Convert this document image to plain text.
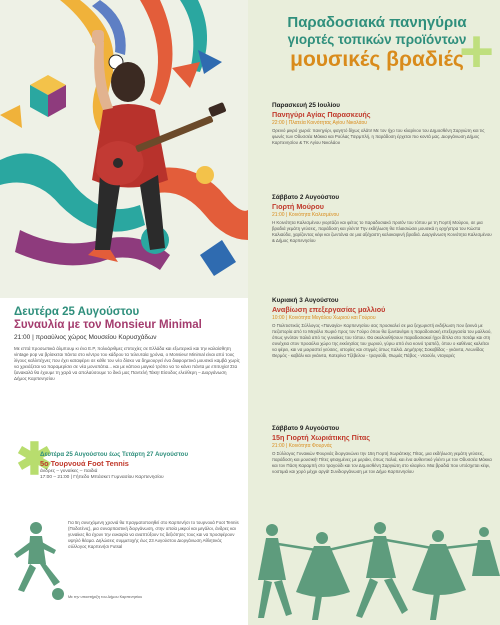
Παραδοσιακά πανηγύρια
γιορτές τοπικών προϊόντων
μουσικές βραδιές
+
Παρασκευή 25 Ιουλίου
Πανηγύρι Αγίας Παρασκευής
22:00 | Πλατεία Κοινότητας Αγίου Νικολάου
Ορεινό μικρό χωριό: πανηγύρι, φαγητό δίχως αλάτι! Με τον ήχο του κλαρίνου του Δημοσθένη Σαργιώτη και τις φωνές των Οδυσσέα Μάκκα και Ρούλας Τσιρμπλή, η παράδοση έρχεται πιο κοντά μας. Διοργάνωση Δήμος Καρπενησίου & ΤΚ Αγίου Νικολάου
Σάββατο 2 Αυγούστου
Γιορτή Μούρου
21:00 | Κοινότητα Καλεσμένου
Η Κοινότητα Καλεσμένου γιορτάζει και φέτος το παραδοσιακό προϊόν του τόπου με τη Γιορτή Μούρου, σε μια βραδιά γεμάτη γεύσεις, παράδοση και γλέντι! Την εκδήλωση θα πλαισιώσει μουσικά η ορχήστρα του Κώστα Καλιαύδα, χαρίζοντας κέφι και ζωντάνια σε μια αξέχαστη καλοκαιρινή βραδιά. Διοργάνωση Κοινότητα Καλεσμένου & Δήμος Καρπενησίου
Κυριακή 3 Αυγούστου
Αναβίωση επεξεργασίας μαλλιού
10:00 | Κοινότητα Μεγάλου Χωριού και Γούρου
Ο Πολιτιστικός Σύλλογος «Παναγία» Καρπενησίου σας προσκαλεί σε μια ξεχωριστή εκδήλωση που ξεκινά με πεζοπορία από το Μεγάλο Χωριό προς τον Γούρο όπου θα ζωντανέψει η παραδοσιακή επεξεργασία του μαλλιού, όπως γινόταν παλιά από τις γυναίκες του τόπου. Θα ακολουθήσουν παραδοσιακοί ήχοι δίπλα στο ποτάμι και στη συνέχεια στον προαύλιο χώρο της εκκλησίας του χωριού, γύρω από ένα κοινό τραπέζι, όπου ο καθένας καλείται να φέρει, και να μοιραστεί γεύσεις, ιστορίες και στιγμές όπως παλιά. Δημήτρης Σακαβίδας - γκάιντα, Λεωνίδας Θερμός - καβάλι και γκάιντα, Κατερίνα Τζέβελου - τραγούδι, Θωμάς Πάβος - νταούλι, νταγαρές
Σάββατο 9 Αυγούστου
15η Γιορτή Χωριάτικης Πίτας
21:00 | Κοινότητα Φουρνάς
Ο Σύλλογος Γυναικών Φουρνάς διοργανώνει την 15η Γιορτή Χωριάτικης Πίτας, μια εκδήλωση γεμάτη γεύσεις, παράδοση και μουσική! Πίτες φτιαγμένες με μεράκι, όπως παλιά, και ένα αυθεντικό γλέντι με τον Οδυσσέα Μάκκα και τον Πάση Καραμπή στο τραγούδι και τον Δημοσθένη Σαργιώτη στο κλαρίνο. Μια βραδιά που υπόσχεται κέφι, νοστιμιά και χορό μέχρι αργά! Συνδιοργάνωση με τον Δήμο Καρπενησίου
Δευτέρα 25 Αυγούστου
Συναυλία με τον Monsieur Minimal
21:00 | προαύλιος χώρος Μουσείου Κορυσχάδων
Με επτά προσωπικά άλμπουμ κι ένα E.P, πολυάριθμες επιτυχίες σε Ελλάδα και εξωτερικό και την καλαίσθητη vintage pop να βρίσκεται πάντα στο κέντρο του κάδρου τα τελευταία χρόνια, ο Monsieur Minimal είναι από τους λίγους καλλιτέχνες που έχει καταφέρει σε κάθε του νέο δίσκο να δημιουργεί ένα διαφορετικό μουσικό καμβά χωρίς να χρειάζεται να παραμερίσει σε νέα μονοπάτια... και με κάποιο μαγικό τρόπο να το κάνει πάντα με επιτυχία! Στα ξανακαλά θα έχουμε τη χαρά να απολαύσουμε το δικό μας Παντελή Τάκη! Είσοδος ελεύθερη – Διοργάνωση Δήμος Καρπενησίου
✱
Δευτέρα 25 Αυγούστου έως Τετάρτη 27 Αυγούστου
5ο Τουρνουά Foot Tennis
άνδρες – γυναίκες – παιδιά
17:00 – 21:00 | Γήπεδο Μπάσκετ Γυμνασίου Καρπενησίου
Για 5η συνεχόμενη χρονιά θα πραγματοποιηθεί στο Καρπενήσι το τουρνουά Foot Tennis (Ποδοτένις), μια συναρπαστική διοργάνωση, στην οποία μικροί και μεγάλοι, άνδρες και γυναίκες θα έχουν την ευκαιρία να αναπτύξουν τις δεξιότητες τους και να προσφέρουν υψηλό θέαμα. Δηλώσεις συμμετοχής έως 23 Αυγούστου Διοργάνωση Αθλητικός σύλλογος Καρπενήσι Futsal
Με την υποστήριξη του Δήμου Καρπενησίου
